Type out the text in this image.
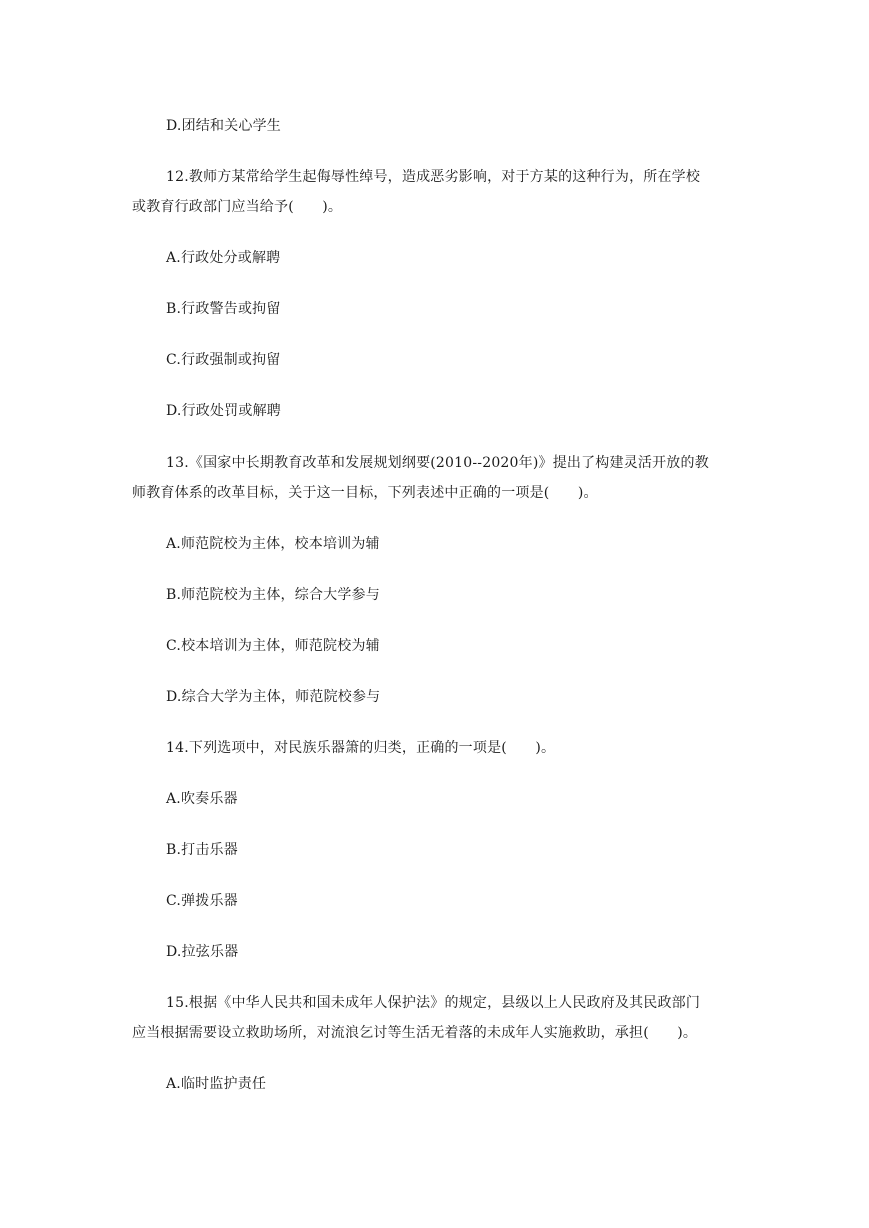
D.团结和关心学生
12.教师方某常给学生起侮辱性绰号，造成恶劣影响，对于方某的这种行为，所在学校
或教育行政部门应当给予(　　)。
A.行政处分或解聘
B.行政警告或拘留
C.行政强制或拘留
D.行政处罚或解聘
13.《国家中长期教育改革和发展规划纲要(2010--2020年)》提出了构建灵活开放的教
师教育体系的改革目标，关于这一目标，下列表述中正确的一项是(　　)。
A.师范院校为主体，校本培训为辅
B.师范院校为主体，综合大学参与
C.校本培训为主体，师范院校为辅
D.综合大学为主体，师范院校参与
14.下列选项中，对民族乐器箫的归类，正确的一项是(　　)。
A.吹奏乐器
B.打击乐器
C.弹拨乐器
D.拉弦乐器
15.根据《中华人民共和国未成年人保护法》的规定，县级以上人民政府及其民政部门
应当根据需要设立救助场所，对流浪乞讨等生活无着落的未成年人实施救助，承担(　　)。
A.临时监护责任
